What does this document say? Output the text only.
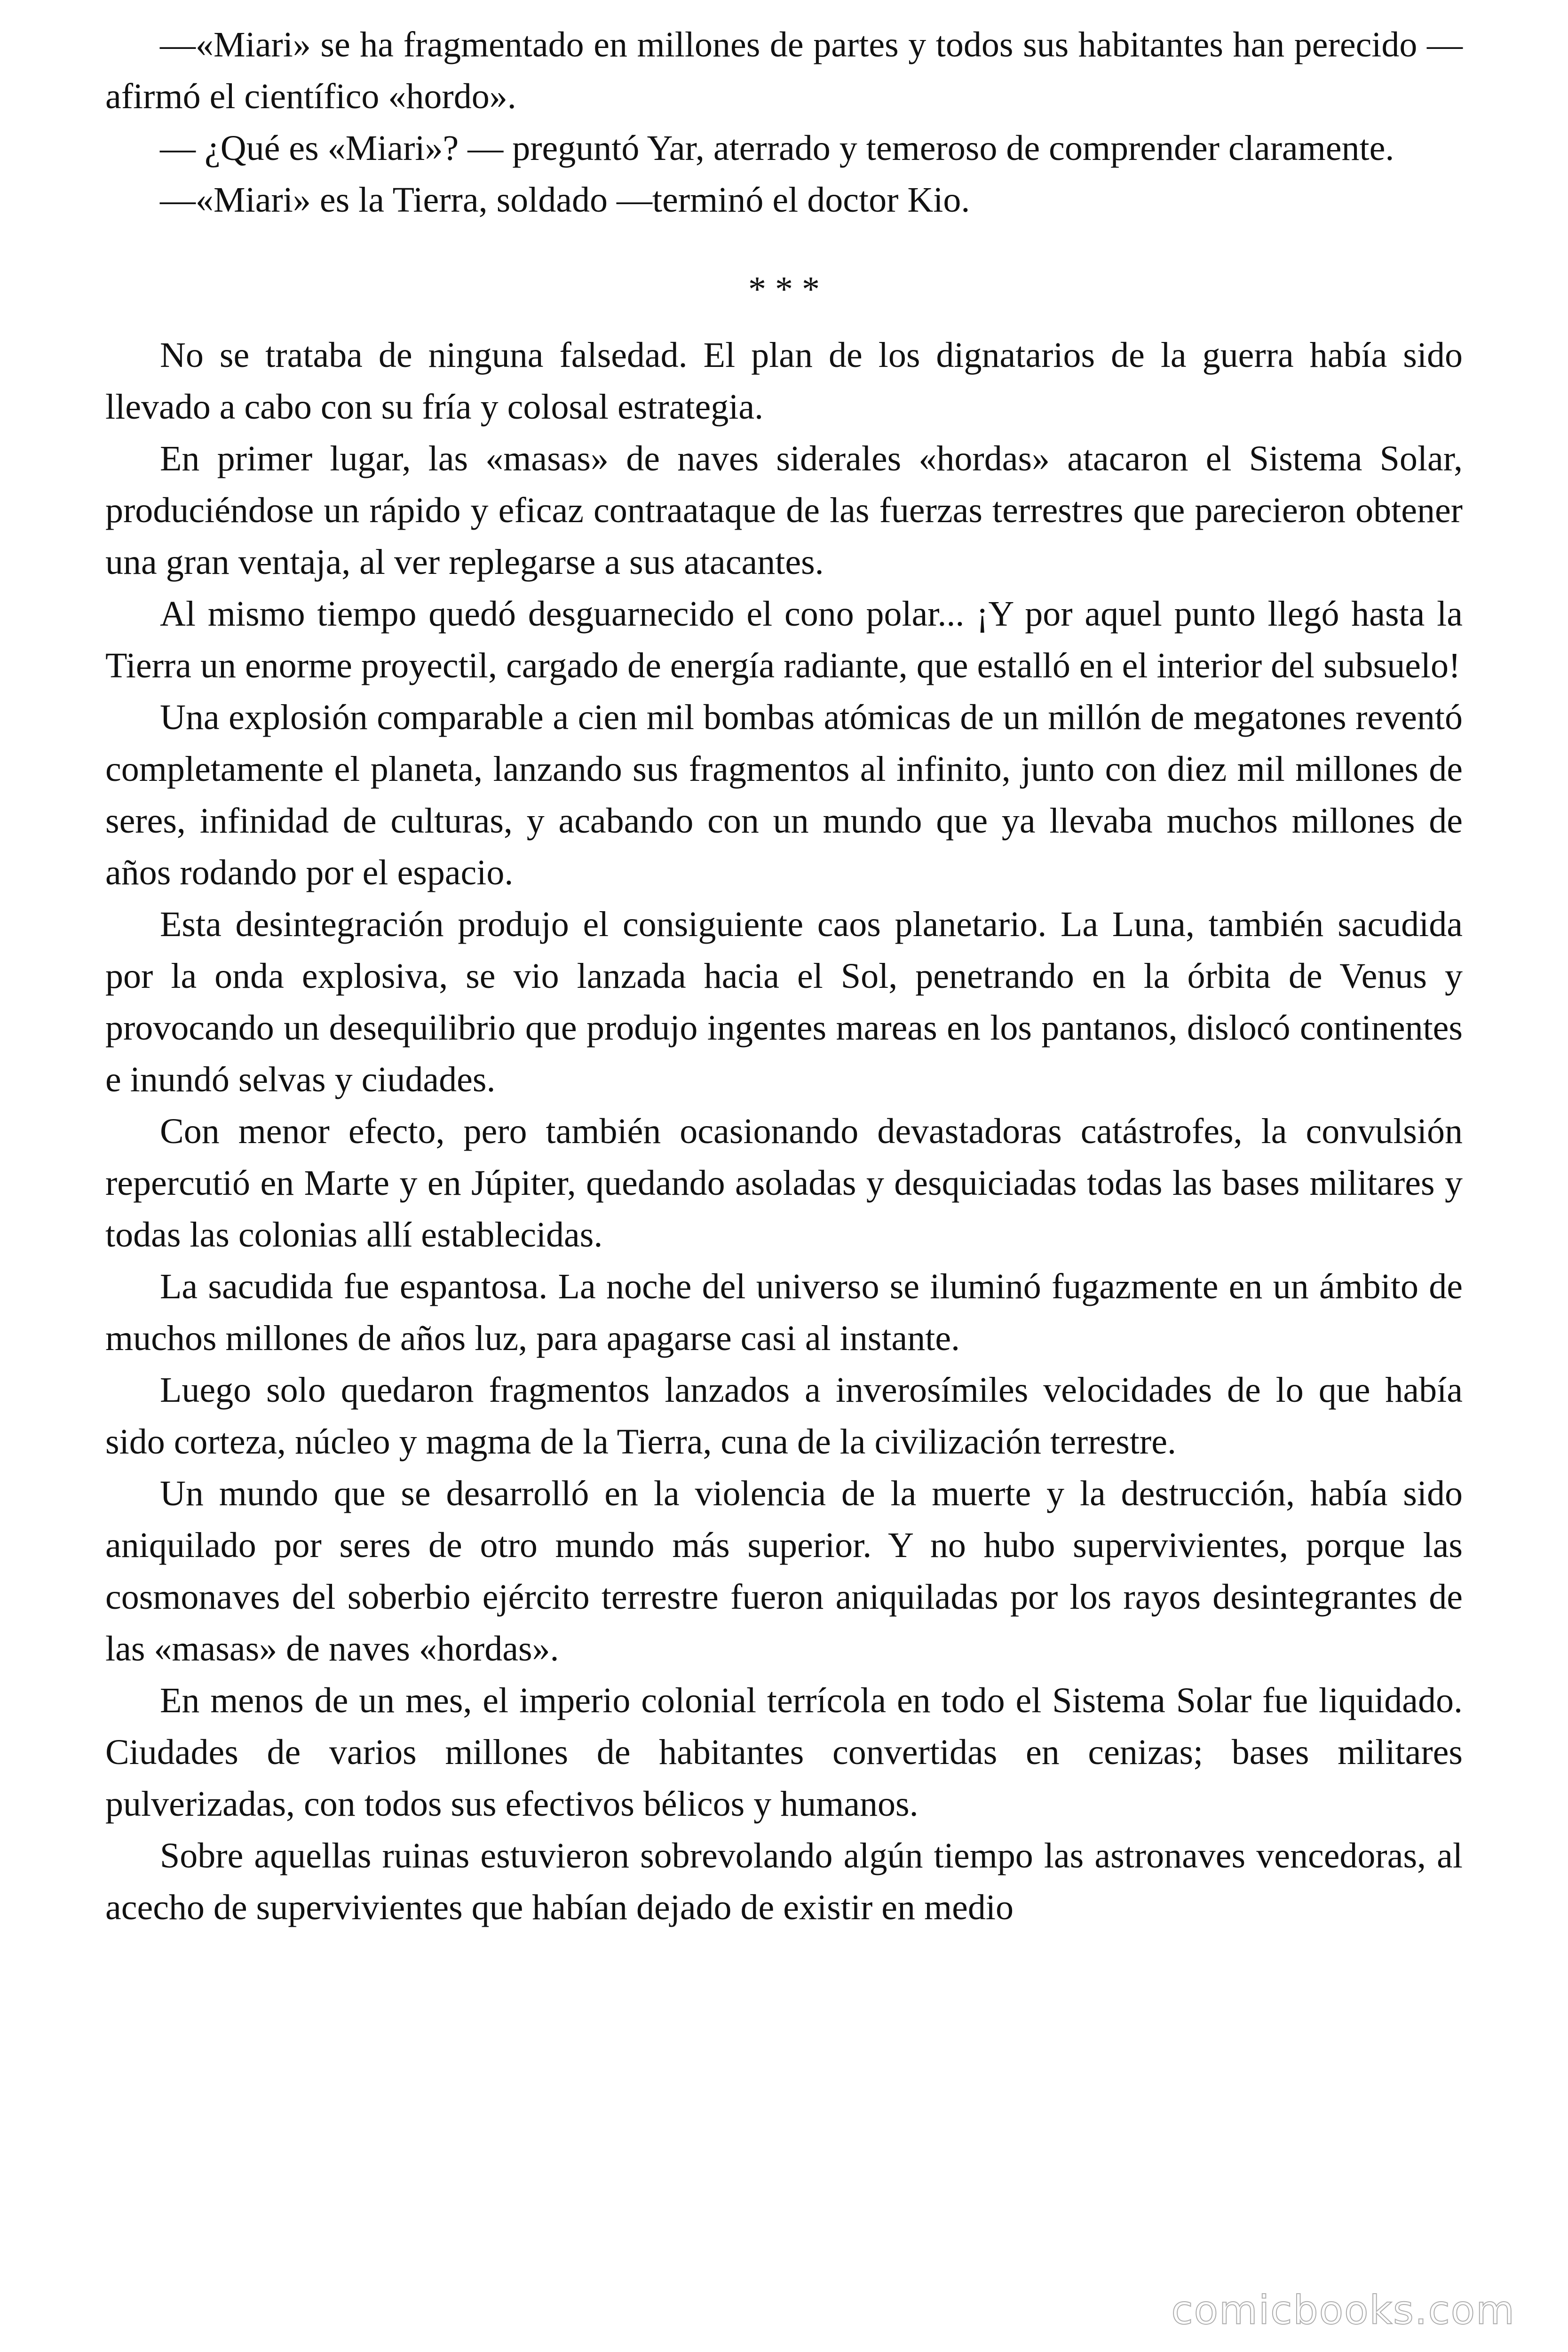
—«Miari» se ha fragmentado en millones de partes y todos sus habitantes han perecido —afirmó el científico «hordo».

— ¿Qué es «Miari»? — preguntó Yar, aterrado y temeroso de comprender claramente.

—«Miari» es la Tierra, soldado —terminó el doctor Kio.

* * *

No se trataba de ninguna falsedad. El plan de los dignatarios de la guerra había sido llevado a cabo con su fría y colosal estrategia.

En primer lugar, las «masas» de naves siderales «hordas» atacaron el Sistema Solar, produciéndose un rápido y eficaz contraataque de las fuerzas terrestres que parecieron obtener una gran ventaja, al ver replegarse a sus atacantes.

Al mismo tiempo quedó desguarnecido el cono polar... ¡Y por aquel punto llegó hasta la Tierra un enorme proyectil, cargado de energía radiante, que estalló en el interior del subsuelo!

Una explosión comparable a cien mil bombas atómicas de un millón de megatones reventó completamente el planeta, lanzando sus fragmentos al infinito, junto con diez mil millones de seres, infinidad de culturas, y acabando con un mundo que ya llevaba muchos millones de años rodando por el espacio.

Esta desintegración produjo el consiguiente caos planetario. La Luna, también sacudida por la onda explosiva, se vio lanzada hacia el Sol, penetrando en la órbita de Venus y provocando un desequilibrio que produjo ingentes mareas en los pantanos, dislocó continentes e inundó selvas y ciudades.

Con menor efecto, pero también ocasionando devastadoras catástrofes, la convulsión repercutió en Marte y en Júpiter, quedando asoladas y desquiciadas todas las bases militares y todas las colonias allí establecidas.

La sacudida fue espantosa. La noche del universo se iluminó fugazmente en un ámbito de muchos millones de años luz, para apagarse casi al instante.

Luego solo quedaron fragmentos lanzados a inverosímiles velocidades de lo que había sido corteza, núcleo y magma de la Tierra, cuna de la civilización terrestre.

Un mundo que se desarrolló en la violencia de la muerte y la destrucción, había sido aniquilado por seres de otro mundo más superior. Y no hubo supervivientes, porque las cosmonaves del soberbio ejército terrestre fueron aniquiladas por los rayos desintegrantes de las «masas» de naves «hordas».

En menos de un mes, el imperio colonial terrícola en todo el Sistema Solar fue liquidado. Ciudades de varios millones de habitantes convertidas en cenizas; bases militares pulverizadas, con todos sus efectivos bélicos y humanos.

Sobre aquellas ruinas estuvieron sobrevolando algún tiempo las astronaves vencedoras, al acecho de supervivientes que habían dejado de existir en medio

comicbooks.com
